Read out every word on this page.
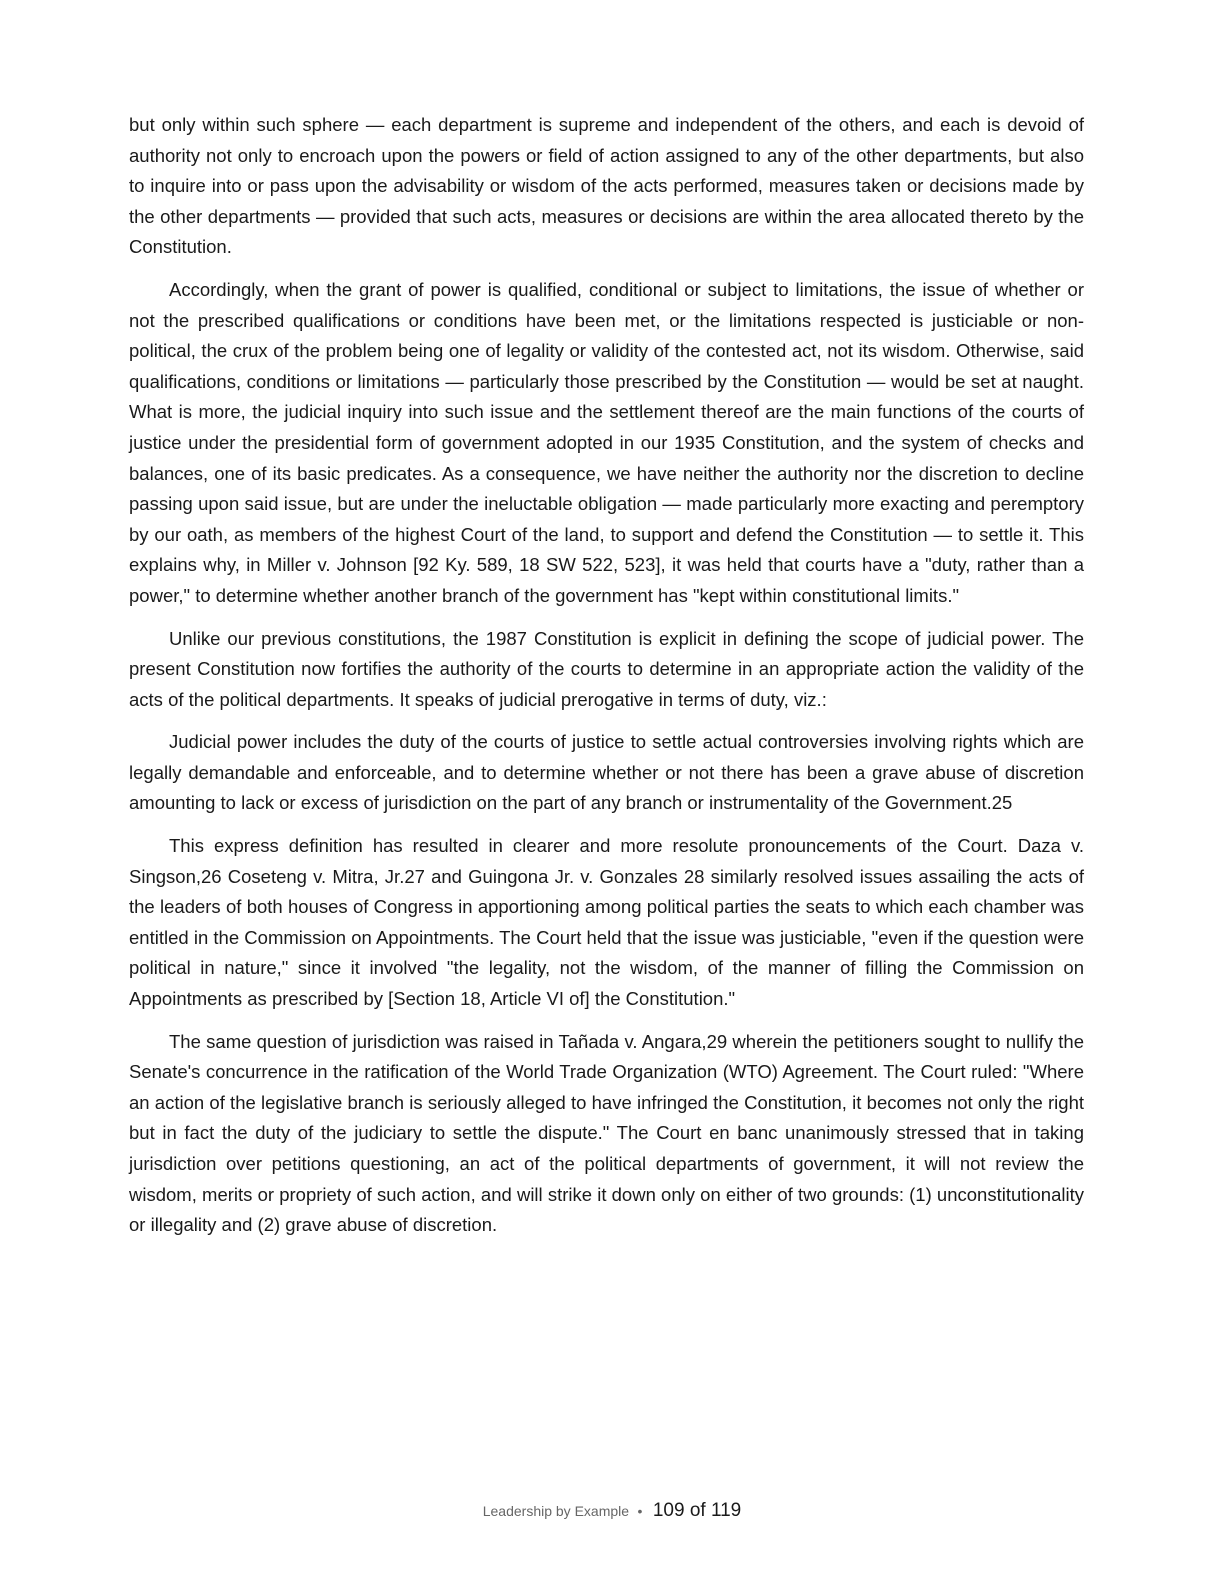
but only within such sphere — each department is supreme and independent of the others, and each is devoid of authority not only to encroach upon the powers or field of action assigned to any of the other departments, but also to inquire into or pass upon the advisability or wisdom of the acts performed, measures taken or decisions made by the other departments — provided that such acts, measures or decisions are within the area allocated thereto by the Constitution.

Accordingly, when the grant of power is qualified, conditional or subject to limitations, the issue of whether or not the prescribed qualifications or conditions have been met, or the limitations respected is justiciable or non-political, the crux of the problem being one of legality or validity of the contested act, not its wisdom. Otherwise, said qualifications, conditions or limitations — particularly those prescribed by the Constitution — would be set at naught. What is more, the judicial inquiry into such issue and the settlement thereof are the main functions of the courts of justice under the presidential form of government adopted in our 1935 Constitution, and the system of checks and balances, one of its basic predicates. As a consequence, we have neither the authority nor the discretion to decline passing upon said issue, but are under the ineluctable obligation — made particularly more exacting and peremptory by our oath, as members of the highest Court of the land, to support and defend the Constitution — to settle it. This explains why, in Miller v. Johnson [92 Ky. 589, 18 SW 522, 523], it was held that courts have a "duty, rather than a power," to determine whether another branch of the government has "kept within constitutional limits."

Unlike our previous constitutions, the 1987 Constitution is explicit in defining the scope of judicial power. The present Constitution now fortifies the authority of the courts to determine in an appropriate action the validity of the acts of the political departments. It speaks of judicial prerogative in terms of duty, viz.:

Judicial power includes the duty of the courts of justice to settle actual controversies involving rights which are legally demandable and enforceable, and to determine whether or not there has been a grave abuse of discretion amounting to lack or excess of jurisdiction on the part of any branch or instrumentality of the Government.25

This express definition has resulted in clearer and more resolute pronouncements of the Court. Daza v. Singson,26 Coseteng v. Mitra, Jr.27 and Guingona Jr. v. Gonzales 28 similarly resolved issues assailing the acts of the leaders of both houses of Congress in apportioning among political parties the seats to which each chamber was entitled in the Commission on Appointments. The Court held that the issue was justiciable, "even if the question were political in nature," since it involved "the legality, not the wisdom, of the manner of filling the Commission on Appointments as prescribed by [Section 18, Article VI of] the Constitution."

The same question of jurisdiction was raised in Tañada v. Angara,29 wherein the petitioners sought to nullify the Senate's concurrence in the ratification of the World Trade Organization (WTO) Agreement. The Court ruled: "Where an action of the legislative branch is seriously alleged to have infringed the Constitution, it becomes not only the right but in fact the duty of the judiciary to settle the dispute." The Court en banc unanimously stressed that in taking jurisdiction over petitions questioning, an act of the political departments of government, it will not review the wisdom, merits or propriety of such action, and will strike it down only on either of two grounds: (1) unconstitutionality or illegality and (2) grave abuse of discretion.

Leadership by Example • 109 of 119
